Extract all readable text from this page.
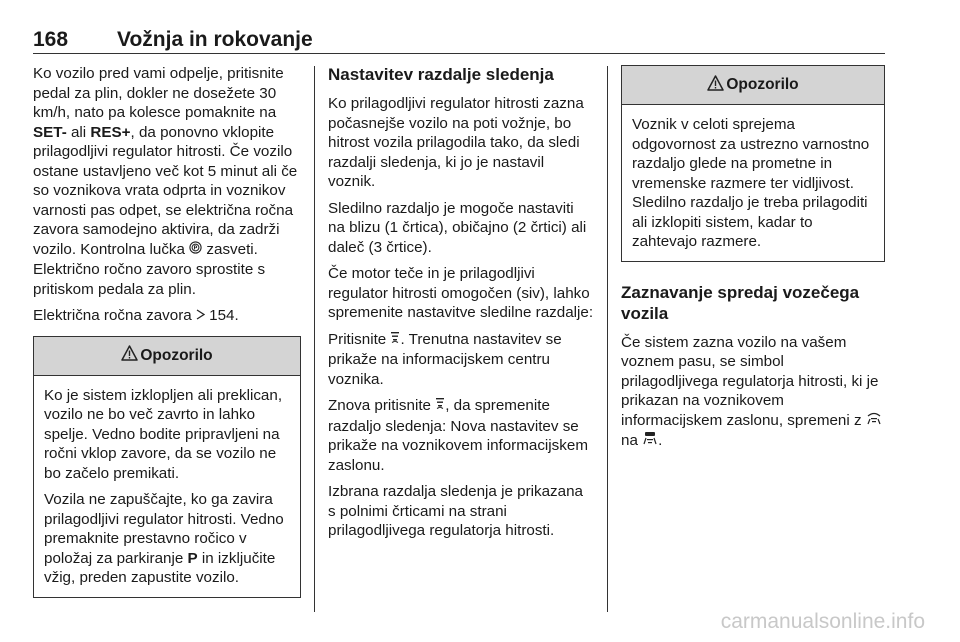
168 Vožnja in rokovanje

Ko vozilo pred vami odpelje, pritisnite pedal za plin, dokler ne dosežete 30 km/h, nato pa kolesce pomaknite na SET- ali RES+, da ponovno vklopite prilagodljivi regulator hitrosti. Če vozilo ostane ustavljeno več kot 5 minut ali če so voznikova vrata odprta in voznikov varnosti pas odpet, se električna ročna zavora samodejno aktivira, da zadrži vozilo. Kontrolna lučka P zasveti. Električno ročno zavoro sprostite s pritiskom pedala za plin.

Električna ročna zavora  154.

Opozorilo

Ko je sistem izklopljen ali preklican, vozilo ne bo več zavrto in lahko spelje. Vedno bodite pripravljeni na ročni vklop zavore, da se vozilo ne bo začelo premikati.

Vozila ne zapuščajte, ko ga zavira prilagodljivi regulator hitrosti. Vedno premaknite prestavno ročico v položaj za parkiranje P in izključite vžig, preden zapustite vozilo.

Nastavitev razdalje sledenja

Ko prilagodljivi regulator hitrosti zazna počasnejše vozilo na poti vožnje, bo hitrost vozila prilagodila tako, da sledi razdalji sledenja, ki jo je nastavil voznik.

Sledilno razdaljo je mogoče nastaviti na blizu (1 črtica), običajno (2 črtici) ali daleč (3 črtice).

Če motor teče in je prilagodljivi regulator hitrosti omogočen (siv), lahko spremenite nastavitve sledilne razdalje:

Pritisnite . Trenutna nastavitev se prikaže na informacijskem centru voznika.

Znova pritisnite , da spremenite razdaljo sledenja: Nova nastavitev se prikaže na voznikovem informacijskem zaslonu.

Izbrana razdalja sledenja je prikazana s polnimi črticami na strani prilagodljivega regulatorja hitrosti.

Opozorilo

Voznik v celoti sprejema odgovornost za ustrezno varnostno razdaljo glede na prometne in vremenske razmere ter vidljivost. Sledilno razdaljo je treba prilagoditi ali izklopiti sistem, kadar to zahtevajo razmere.

Zaznavanje spredaj vozečega vozila

Če sistem zazna vozilo na vašem voznem pasu, se simbol prilagodljivega regulatorja hitrosti, ki je prikazan na voznikovem informacijskem zaslonu, spremeni z  na .

carmanualsonline.info
